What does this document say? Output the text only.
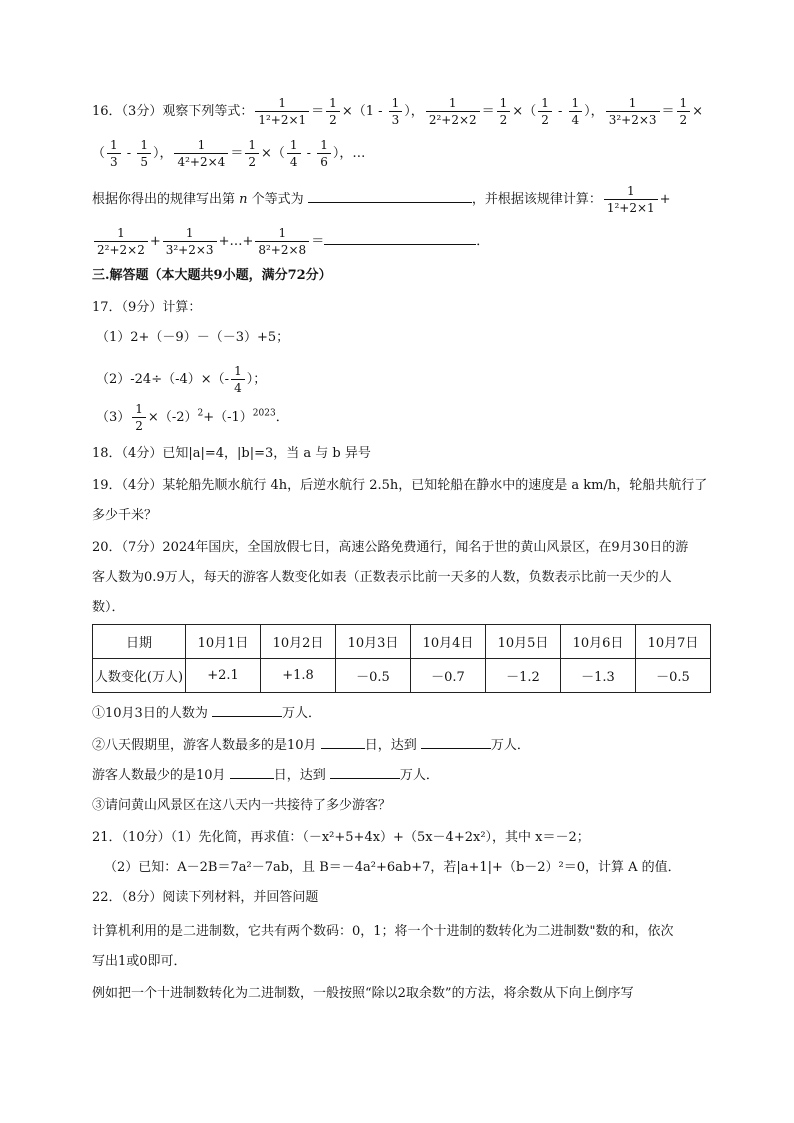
16．（3分）观察下列等式： $\frac{1}{\text{1²+2×1}} = \frac{1}{2} \times(1 - \frac{1}{3}$ ）， $\frac{1}{\text{2²+2×2}} = \frac{1}{2}$ ×（ $\frac{1}{2} - \frac{1}{4}$ ）， $\frac{1}{\text{3²+2×3}} = \frac{1}{2}$ ×
（ $\frac{1}{3} - \frac{1}{5}$ ）， $\frac{1}{\text{4²+2×4}} = \frac{1}{2}$ ×（ $\frac{1}{4} - \frac{1}{6}$ ），…
根据你得出的规律写出第 n 个等式为	，并根据该规律计算： $\frac{1}{\text{1²+2×1}}$ +
$\frac{1}{\text{2²+2×2}} + \frac{1}{\text{3²+2×3}}$ +…+ $\frac{1}{\text{8²+2×8}}$ ＝	．
三.解答题（本大题共9小题，满分72分）
17．（9分）计算：
（1）2+（－9）－（－3）+5；
$(2)-24\div(-4)\times(- \frac{1}{4}$ ）；
$(3) \frac{1}{2} \times(-2)^2+(-1)^{2023}$．
18．（4分）已知|a|=4，|b|=3，当 a 与 b 异号
19．（4分）某轮船先顺水航行 4h，后逆水航行 2.5h，已知轮船在静水中的速度是 a km/h，轮船共航行了
多少千米？
20．（7分）2024年国庆，全国放假七日，高速公路免费通行，闻名于世的黄山风景区，在9月30日的游
客人数为0.9万人，每天的游客人数变化如表（正数表示比前一天多的人数，负数表示比前一天少的人
数）．
日期	10月1日	10月2日	10月3日	10月4日	10月5日	10月6日	10月7日
人数变化(万人)	+2.1	+1.8	－0.5	－0.7	－1.2	－1.3	－0.5
①10月3日的人数为	万人．
②八天假期里，游客人数最多的是10月	日，达到	万人．
游客人数最少的是10月	日，达到	万人．
③请问黄山风景区在这八天内一共接待了多少游客？
21．（10分）（1）先化简，再求值：（－x²+5+4x）+（5x－4+2x²），其中 x＝－2；
（2）已知：A－2B＝7a²－7ab，且 B＝－4a²+6ab+7，若|a+1|+（b－2）²＝0，计算 A 的值．
22．（8分）阅读下列材料，并回答问题
计算机利用的是二进制数，它共有两个数码：0，1；将一个十进制的数转化为二进制数"数的和，依次
写出1或0即可．
例如把一个十进制数转化为二进制数，一般按照“除以2取余数”的方法，将余数从下向上倒序写
